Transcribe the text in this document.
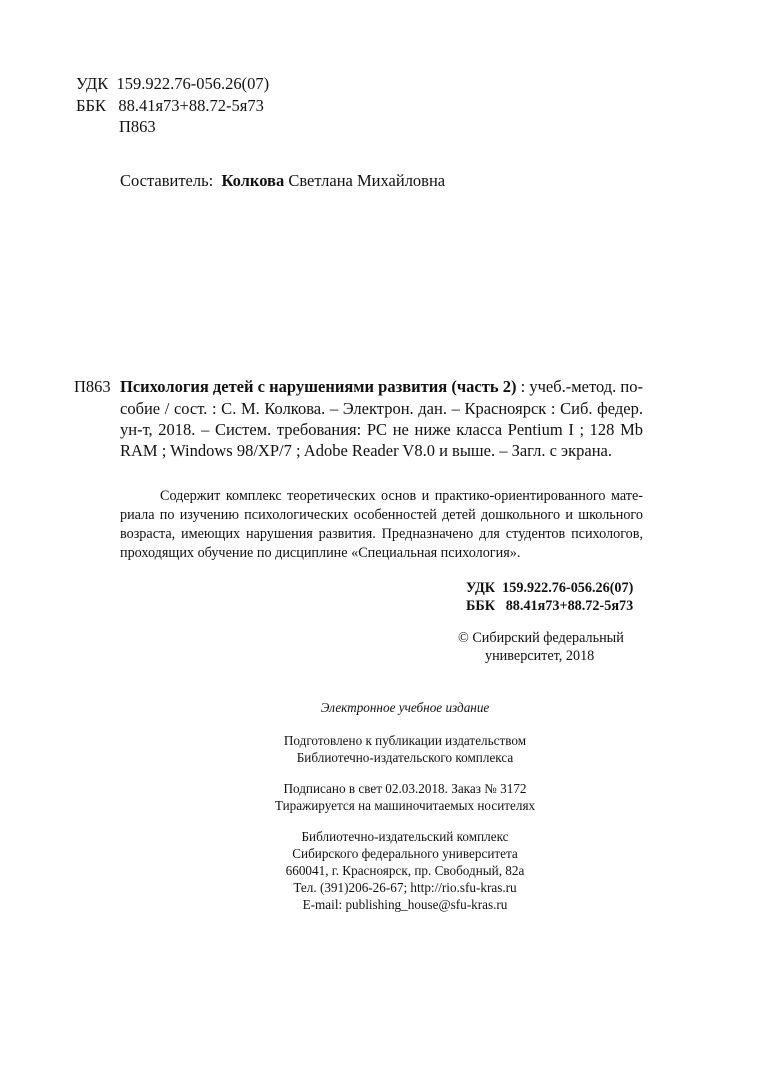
УДК 159.922.76-056.26(07)
ББК 88.41я73+88.72-5я73
П863
Составитель: Колкова Светлана Михайловна
П863 Психология детей с нарушениями развития (часть 2) : учеб.-метод. по-
собие / сост. : С. М. Колкова. – Электрон. дан. – Красноярск : Сиб. федер.
ун-т, 2018. – Систем. требования: PC не ниже класса Pentium I ; 128 Mb
RAM ; Windows 98/XP/7 ; Adobe Reader V8.0 и выше. – Загл. с экрана.
Содержит комплекс теоретических основ и практико-ориентированного мате-
риала по изучению психологических особенностей детей дошкольного и школьного
возраста, имеющих нарушения развития. Предназначено для студентов психологов,
проходящих обучение по дисциплине «Специальная психология».
УДК 159.922.76-056.26(07)
ББК 88.41я73+88.72-5я73
© Сибирский федеральный
университет, 2018
Электронное учебное издание
Подготовлено к публикации издательством
Библиотечно-издательского комплекса
Подписано в свет 02.03.2018. Заказ № 3172
Тиражируется на машиночитаемых носителях
Библиотечно-издательский комплекс
Сибирского федерального университета
660041, г. Красноярск, пр. Свободный, 82а
Тел. (391)206-26-67; http://rio.sfu-kras.ru
E-mail: publishing_house@sfu-kras.ru
